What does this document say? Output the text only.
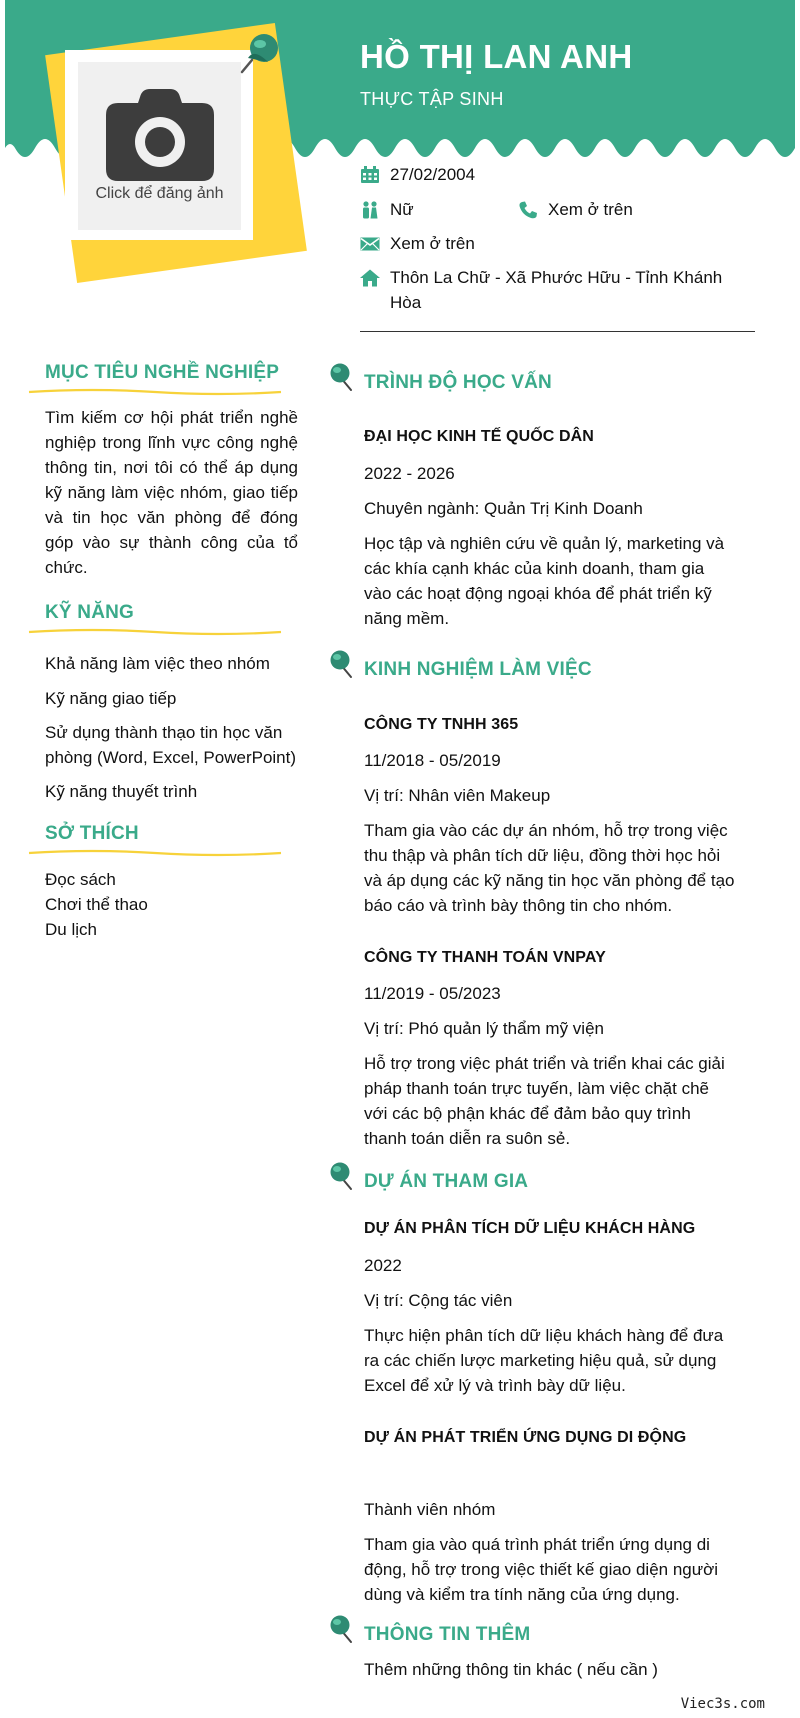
HỒ THỊ LAN ANH
THỰC TẬP SINH
Click để đăng ảnh
27/02/2004
Nữ	Xem ở trên
Xem ở trên
Thôn La Chữ - Xã Phước Hữu - Tỉnh Khánh Hòa
MỤC TIÊU NGHỀ NGHIỆP
Tìm kiếm cơ hội phát triển nghề nghiệp trong lĩnh vực công nghệ thông tin, nơi tôi có thể áp dụng kỹ năng làm việc nhóm, giao tiếp và tin học văn phòng để đóng góp vào sự thành công của tổ chức.
KỸ NĂNG
Khả năng làm việc theo nhóm
Kỹ năng giao tiếp
Sử dụng thành thạo tin học văn phòng (Word, Excel, PowerPoint)
Kỹ năng thuyết trình
SỞ THÍCH
Đọc sách
Chơi thể thao
Du lịch
TRÌNH ĐỘ HỌC VẤN
ĐẠI HỌC KINH TẾ QUỐC DÂN
2022 - 2026
Chuyên ngành: Quản Trị Kinh Doanh
Học tập và nghiên cứu về quản lý, marketing và các khía cạnh khác của kinh doanh, tham gia vào các hoạt động ngoại khóa để phát triển kỹ năng mềm.
KINH NGHIỆM LÀM VIỆC
CÔNG TY TNHH 365
11/2018 - 05/2019
Vị trí: Nhân viên Makeup
Tham gia vào các dự án nhóm, hỗ trợ trong việc thu thập và phân tích dữ liệu, đồng thời học hỏi và áp dụng các kỹ năng tin học văn phòng để tạo báo cáo và trình bày thông tin cho nhóm.
CÔNG TY THANH TOÁN VNPAY
11/2019 - 05/2023
Vị trí: Phó quản lý thẩm mỹ viện
Hỗ trợ trong việc phát triển và triển khai các giải pháp thanh toán trực tuyến, làm việc chặt chẽ với các bộ phận khác để đảm bảo quy trình thanh toán diễn ra suôn sẻ.
DỰ ÁN THAM GIA
DỰ ÁN PHÂN TÍCH DỮ LIỆU KHÁCH HÀNG
2022
Vị trí: Cộng tác viên
Thực hiện phân tích dữ liệu khách hàng để đưa ra các chiến lược marketing hiệu quả, sử dụng Excel để xử lý và trình bày dữ liệu.
DỰ ÁN PHÁT TRIỂN ỨNG DỤNG DI ĐỘNG
Thành viên nhóm
Tham gia vào quá trình phát triển ứng dụng di động, hỗ trợ trong việc thiết kế giao diện người dùng và kiểm tra tính năng của ứng dụng.
THÔNG TIN THÊM
Thêm những thông tin khác ( nếu cần )
Viec3s.com
